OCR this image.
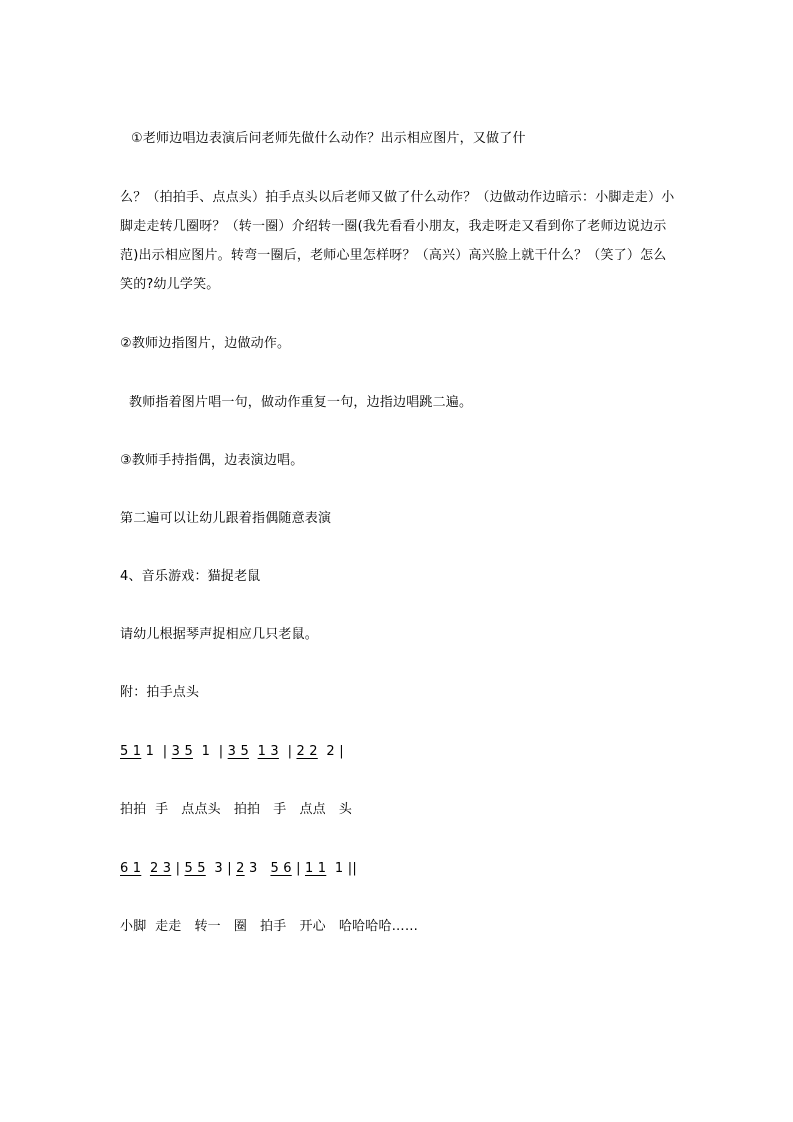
①老师边唱边表演后问老师先做什么动作？出示相应图片，又做了什
么？（拍拍手、点点头）拍手点头以后老师又做了什么动作？（边做动作边暗示：小脚走走）小
脚走走转几圈呀？（转一圈）介绍转一圈(我先看看小朋友，我走呀走又看到你了老师边说边示
范)出示相应图片。转弯一圈后，老师心里怎样呀？（高兴）高兴脸上就干什么？（笑了）怎么
笑的?幼儿学笑。
②教师边指图片，边做动作。
教师指着图片唱一句，做动作重复一句，边指边唱跳二遍。
③教师手持指偶，边表演边唱。
第二遍可以让幼儿跟着指偶随意表演
4、音乐游戏：猫捉老鼠
请幼儿根据琴声捉相应几只老鼠。
附：拍手点头
5 1 1  | 3 5  1  | 3 5 1 3  | 2 2  2 |
拍拍  手   点点头   拍拍   手   点点   头
6 1 2 3 | 5 5  3 | 2 3   5 6 | 1 1  1 ||
小脚  走走   转一   圈   拍手   开心   哈哈哈哈……
